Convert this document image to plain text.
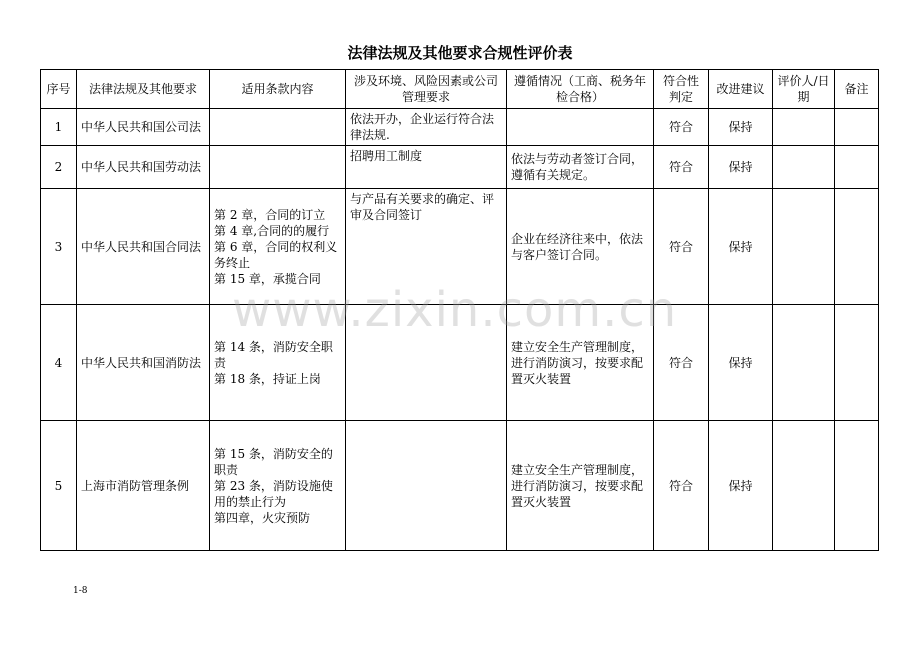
法律法规及其他要求合规性评价表
序号	法律法规及其他要求	适用条款内容	涉及环境、风险因素或公司管理要求	遵循情况（工商、税务年检合格）	符合性判定	改进建议	评价人/日期	备注
1	中华人民共和国公司法		依法开办，企业运行符合法律法规.		符合	保持		
2	中华人民共和国劳动法		招聘用工制度	依法与劳动者签订合同，遵循有关规定。	符合	保持		
3	中华人民共和国合同法	第 2 章，合同的订立
第 4 章,合同的的履行
第 6 章，合同的权利义务终止
第 15 章，承揽合同	与产品有关要求的确定、评审及合同签订	企业在经济往来中，依法与客户签订合同。	符合	保持		
4	中华人民共和国消防法	第 14 条，消防安全职责
第 18 条，持证上岗		建立安全生产管理制度，进行消防演习，按要求配置灭火装置	符合	保持		
5	上海市消防管理条例	第 15 条，消防安全的职责
第 23 条，消防设施使用的禁止行为
第四章，火灾预防		建立安全生产管理制度，进行消防演习，按要求配置灭火装置	符合	保持		
www.zixin.com.cn
1-8
